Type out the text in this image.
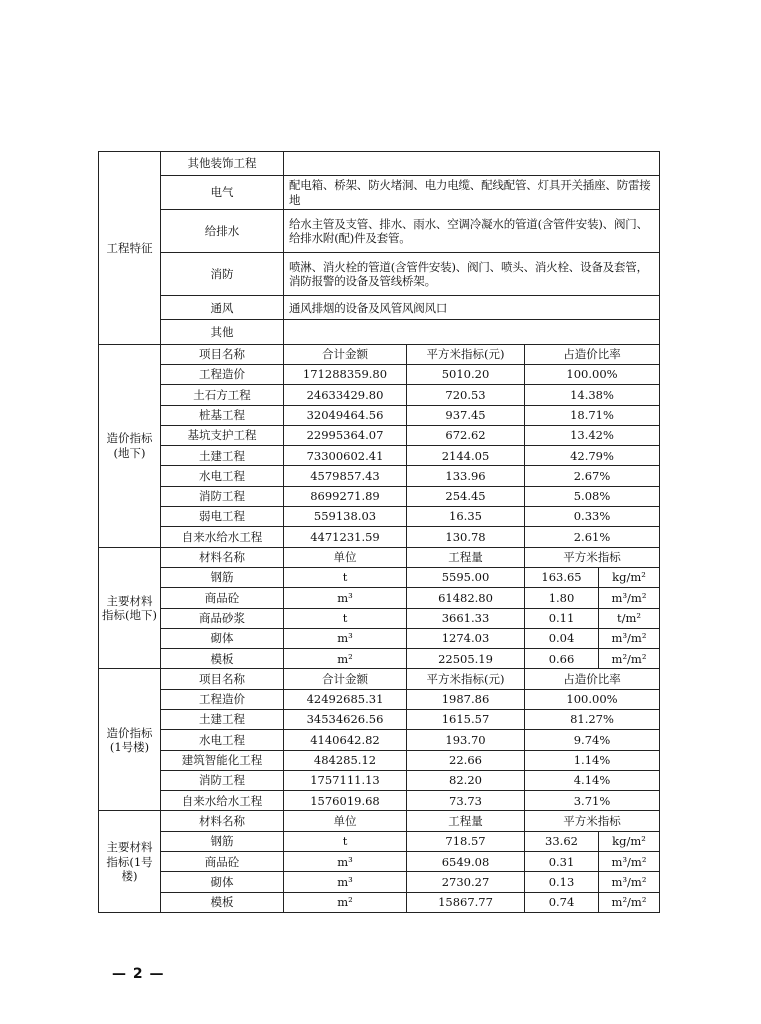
工程特征	其他装饰工程				
	电气	配电箱、桥架、防火堵洞、电力电缆、配线配管、灯具开关插座、防雷接地			
	给排水	给水主管及支管、排水、雨水、空调冷凝水的管道(含管件安装)、阀门、给排水附(配)件及套管。			
	消防	喷淋、消火栓的管道(含管件安装)、阀门、喷头、消火栓、设备及套管，消防报警的设备及管线桥架。			
	通风	通风排烟的设备及风管风阀风口			
	其他				
造价指标(地下)	项目名称	合计金额	平方米指标(元)	占造价比率	
	工程造价	171288359.80	5010.20	100.00%	
	土石方工程	24633429.80	720.53	14.38%	
	桩基工程	32049464.56	937.45	18.71%	
	基坑支护工程	22995364.07	672.62	13.42%	
	土建工程	73300602.41	2144.05	42.79%	
	水电工程	4579857.43	133.96	2.67%	
	消防工程	8699271.89	254.45	5.08%	
	弱电工程	559138.03	16.35	0.33%	
	自来水给水工程	4471231.59	130.78	2.61%	
主要材料指标(地下)	材料名称	单位	工程量	平方米指标	
	钢筋	t	5595.00	163.65	kg/m²
	商品砼	m³	61482.80	1.80	m³/m²
	商品砂浆	t	3661.33	0.11	t/m²
	砌体	m³	1274.03	0.04	m³/m²
	模板	m²	22505.19	0.66	m²/m²
造价指标(1号楼)	项目名称	合计金额	平方米指标(元)	占造价比率	
	工程造价	42492685.31	1987.86	100.00%	
	土建工程	34534626.56	1615.57	81.27%	
	水电工程	4140642.82	193.70	9.74%	
	建筑智能化工程	484285.12	22.66	1.14%	
	消防工程	1757111.13	82.20	4.14%	
	自来水给水工程	1576019.68	73.73	3.71%	
主要材料指标(1号楼)	材料名称	单位	工程量	平方米指标	
	钢筋	t	718.57	33.62	kg/m²
	商品砼	m³	6549.08	0.31	m³/m²
	砌体	m³	2730.27	0.13	m³/m²
	模板	m²	15867.77	0.74	m²/m²
— 2 —
